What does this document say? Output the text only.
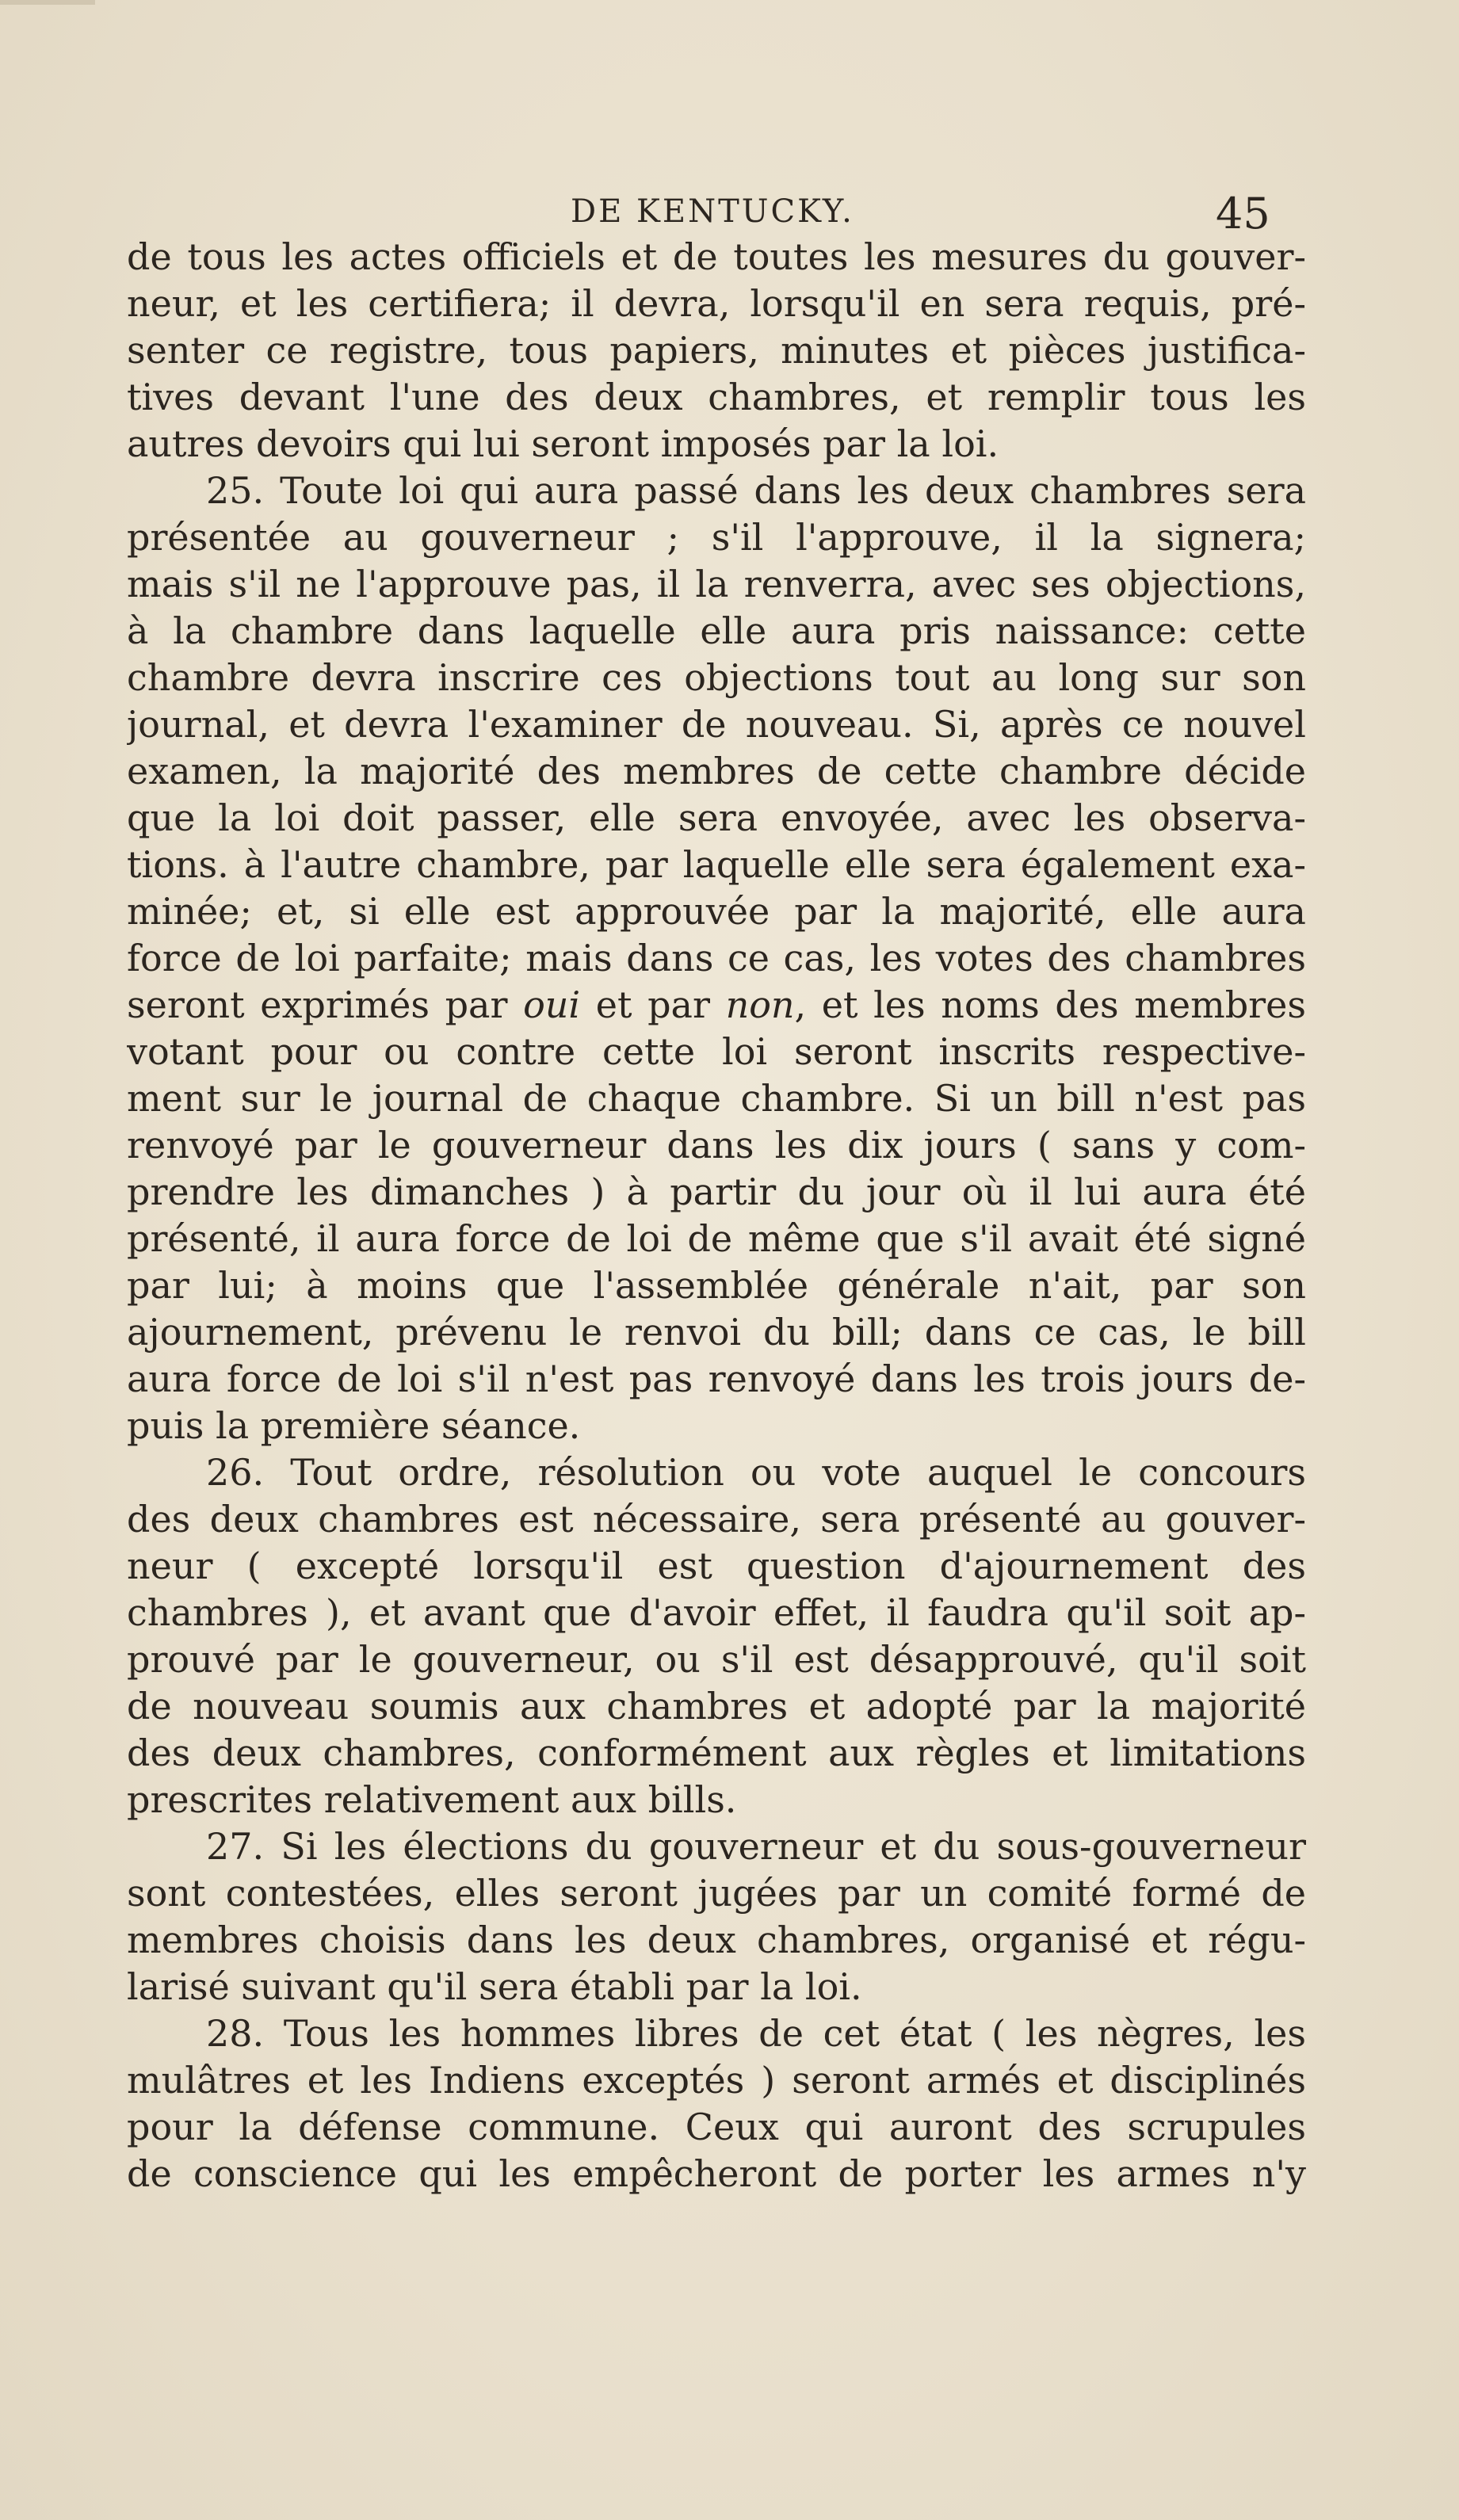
DE KENTUCKY.	45
de tous les actes officiels et de toutes les mesures du gouver-
neur, et les certifiera; il devra, lorsqu'il en sera requis, pré-
senter ce registre, tous papiers, minutes et pièces justifica-
tives devant l'une des deux chambres, et remplir tous les
autres devoirs qui lui seront imposés par la loi.
25. Toute loi qui aura passé dans les deux chambres sera
présentée au gouverneur ; s'il l'approuve, il la signera;
mais s'il ne l'approuve pas, il la renverra, avec ses objections,
à la chambre dans laquelle elle aura pris naissance: cette
chambre devra inscrire ces objections tout au long sur son
journal, et devra l'examiner de nouveau. Si, après ce nouvel
examen, la majorité des membres de cette chambre décide
que la loi doit passer, elle sera envoyée, avec les observa-
tions. à l'autre chambre, par laquelle elle sera également exa-
minée; et, si elle est approuvée par la majorité, elle aura
force de loi parfaite; mais dans ce cas, les votes des chambres
seront exprimés par oui et par non, et les noms des membres
votant pour ou contre cette loi seront inscrits respective-
ment sur le journal de chaque chambre. Si un bill n'est pas
renvoyé par le gouverneur dans les dix jours ( sans y com-
prendre les dimanches ) à partir du jour où il lui aura été
présenté, il aura force de loi de même que s'il avait été signé
par lui; à moins que l'assemblée générale n'ait, par son
ajournement, prévenu le renvoi du bill; dans ce cas, le bill
aura force de loi s'il n'est pas renvoyé dans les trois jours de-
puis la première séance.
26. Tout ordre, résolution ou vote auquel le concours
des deux chambres est nécessaire, sera présenté au gouver-
neur ( excepté lorsqu'il est question d'ajournement des
chambres ), et avant que d'avoir effet, il faudra qu'il soit ap-
prouvé par le gouverneur, ou s'il est désapprouvé, qu'il soit
de nouveau soumis aux chambres et adopté par la majorité
des deux chambres, conformément aux règles et limitations
prescrites relativement aux bills.
27. Si les élections du gouverneur et du sous-gouverneur
sont contestées, elles seront jugées par un comité formé de
membres choisis dans les deux chambres, organisé et régu-
larisé suivant qu'il sera établi par la loi.
28. Tous les hommes libres de cet état ( les nègres, les
mulâtres et les Indiens exceptés ) seront armés et disciplinés
pour la défense commune. Ceux qui auront des scrupules
de conscience qui les empêcheront de porter les armes n'y
